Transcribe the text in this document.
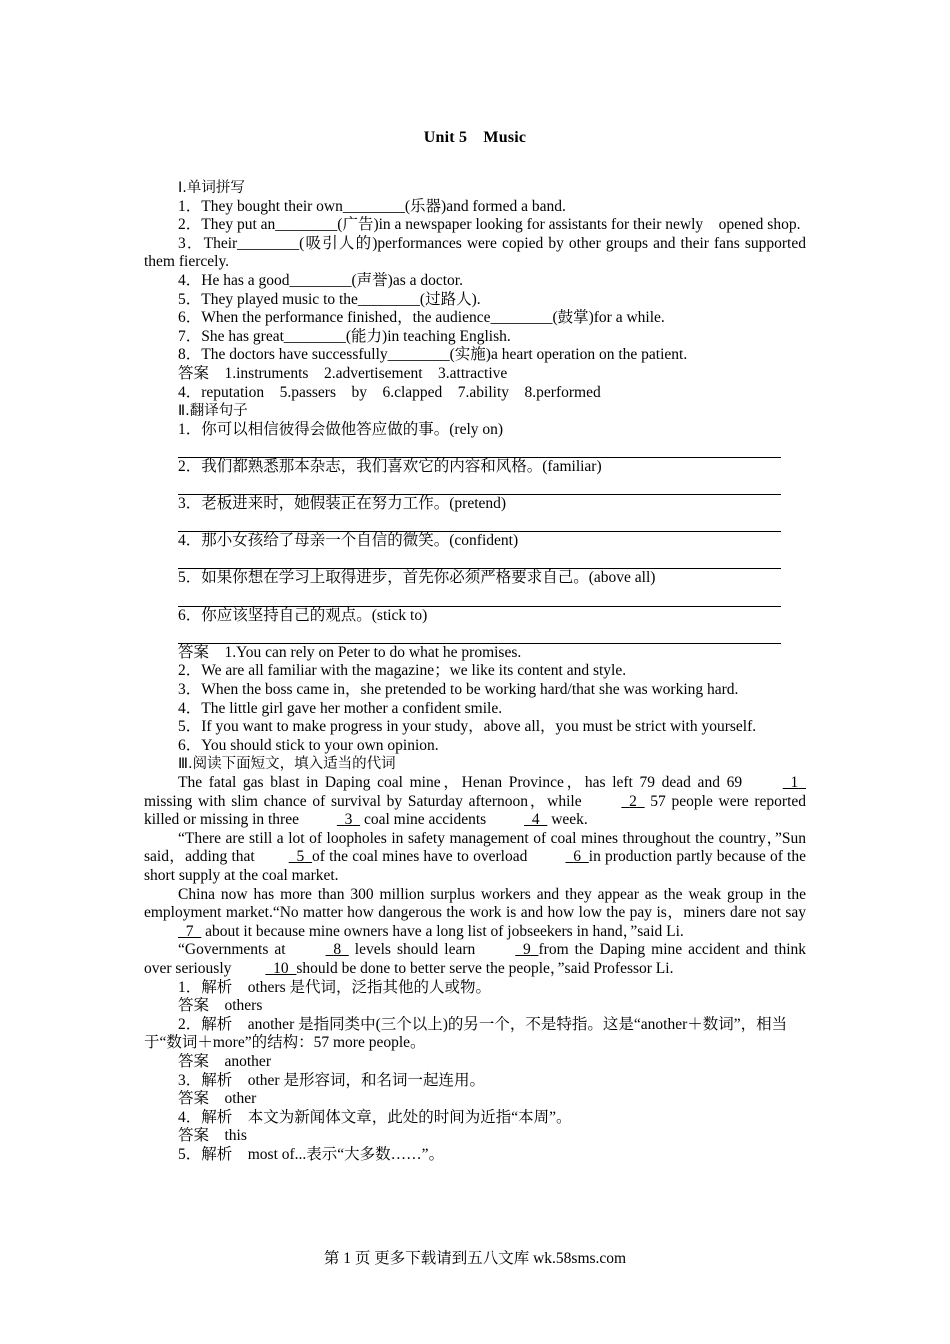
Unit 5　Music

Ⅰ.单词拼写

1．They bought their own________(乐器)and formed a band.

2．They put an________(广告)in a newspaper looking for assistants for their newly　opened shop.

3．Their________(吸引人的)performances were copied by other groups and their fans supported them fiercely.

4．He has a good________(声誉)as a doctor.

5．They played music to the________(过路人).

6．When the performance finished，the audience________(鼓掌)for a while.

7．She has great________(能力)in teaching English.

8．The doctors have successfully________(实施)a heart operation on the patient.

答案　1.instruments　2.advertisement　3.attractive

4．reputation　5.passers　by　6.clapped　7.ability　8.performed

Ⅱ.翻译句子

1．你可以相信彼得会做他答应做的事。(rely on)

2．我们都熟悉那本杂志，我们喜欢它的内容和风格。(familiar)

3．老板进来时，她假装正在努力工作。(pretend)

4．那小女孩给了母亲一个自信的微笑。(confident)

5．如果你想在学习上取得进步，首先你必须严格要求自己。(above all)

6．你应该坚持自己的观点。(stick to)

答案　1.You can rely on Peter to do what he promises.

2．We are all familiar with the magazine；we like its content and style.

3．When the boss came in，she pretended to be working hard/that she was working hard.

4．The little girl gave her mother a confident smile.

5．If you want to make progress in your study，above all，you must be strict with yourself.

6．You should stick to your own opinion.

Ⅲ.阅读下面短文，填入适当的代词

The fatal gas blast in Daping coal mine，Henan Province，has left 79 dead and 69	1   missing with slim chance of survival by Saturday afternoon，while	2   57 people were reported killed or missing in three	3   coal mine accidents	4   week.

“There are still a lot of loopholes in safety management of coal mines throughout the country，”Sun said，adding that	5 of the coal mines have to overload	6 in production partly because of the short supply at the coal market.

China now has more than 300 million surplus workers and they appear as the weak group in the employment market.“No matter how dangerous the work is and how low the pay is，miners dare not say   7   about it because mine owners have a long list of jobseekers in hand，”said Li.

“Governments at	8   levels should learn	9 from the Daping mine accident and think over seriously	10 should be done to better serve the people，”said Professor Li.

1．解析　others 是代词，泛指其他的人或物。

答案　others

2．解析　another 是指同类中(三个以上)的另一个，不是特指。这是“another＋数词”，相当于“数词＋more”的结构：57 more people。

答案　another

3．解析　other 是形容词，和名词一起连用。

答案　other

4．解析　本文为新闻体文章，此处的时间为近指“本周”。

答案　this

5．解析　most of...表示“大多数……”。

第 1 页 更多下载请到五八文库 wk.58sms.com
